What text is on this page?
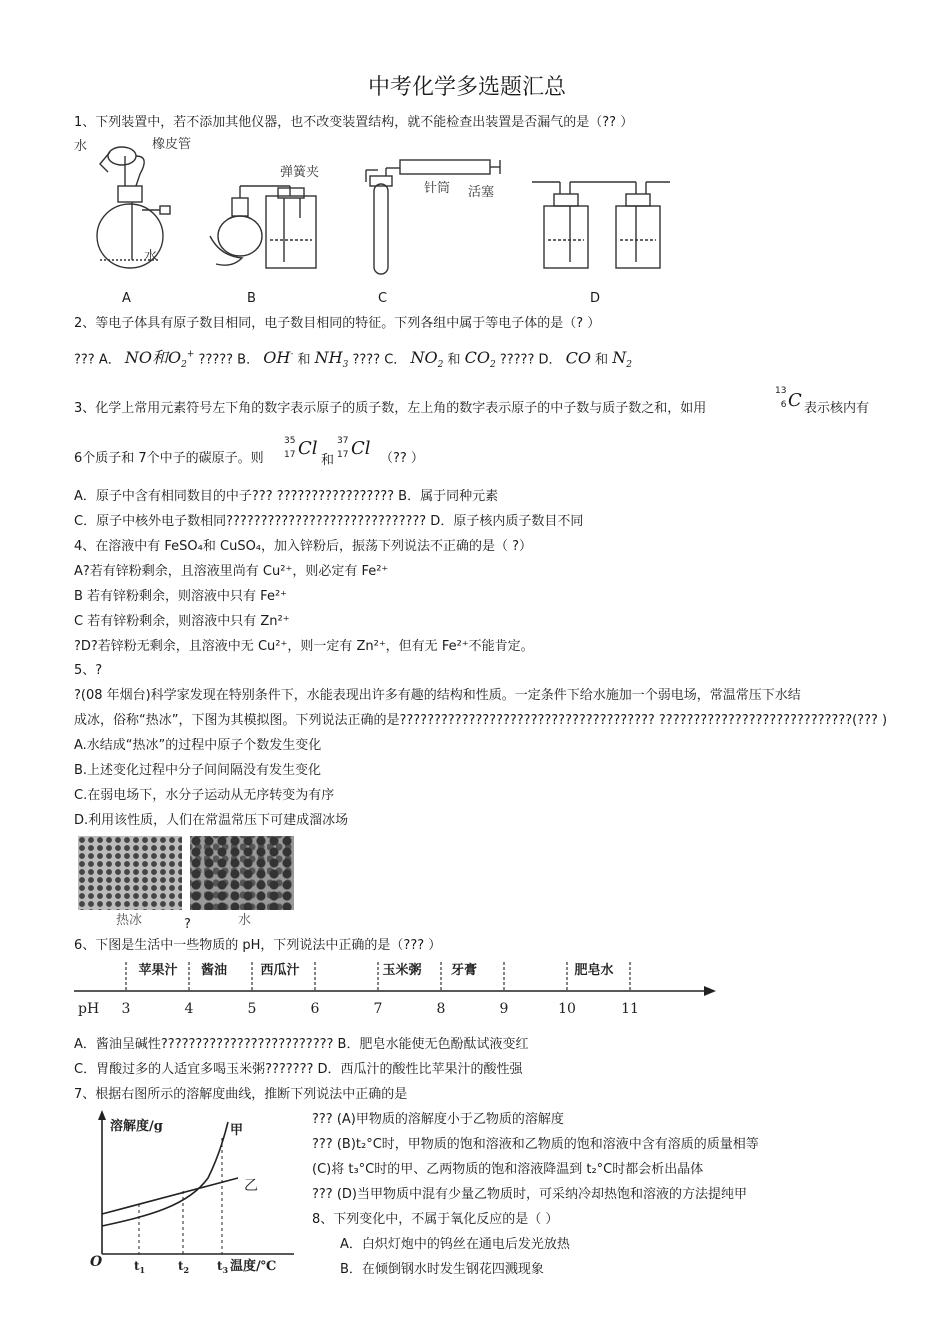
中考化学多选题汇总
1、下列装置中，若不添加其他仪器，也不改变装置结构，就不能检查出装置是否漏气的是（?? ）
水	橡皮管
水
弹簧夹
针筒 活塞
A	B	C	D
2、等电子体具有原子数目相同，电子数目相同的特征。下列各组中属于等电子体的是（? ）
??? A． NO和$O_2^+$ ????? B． OH- 和 $NH_3$ ???? C． $NO_2$ 和 $CO_2$ ????? D． CO 和 $N_2$
3、化学上常用元素符号左下角的数字表示原子的质子数，左上角的数字表示原子的中子数与质子数之和，如用
13
6 C 表示核内有
6个质子和 7个中子的碳原子。则
35
17 Cl
和
37
17 Cl （?? ）
A．原子中含有相同数目的中子??? ????????????????? B．属于同种元素
C．原子中核外电子数相同????????????????????????????? D．原子核内质子数目不同
4、在溶液中有 FeSO₄和 CuSO₄，加入锌粉后，振荡下列说法不正确的是（ ?）
A?若有锌粉剩余，且溶液里尚有 Cu²⁺，则必定有 Fe²⁺
B 若有锌粉剩余，则溶液中只有 Fe²⁺
C 若有锌粉剩余，则溶液中只有 Zn²⁺
?D?若锌粉无剩余，且溶液中无 Cu²⁺，则一定有 Zn²⁺，但有无 Fe²⁺不能肯定。
5、?
?(08 年烟台)科学家发现在特别条件下，水能表现出许多有趣的结构和性质。一定条件下给水施加一个弱电场，常温常压下水结
成冰，俗称“热冰”，下图为其模拟图。下列说法正确的是????????????????????????????????????? ????????????????????????????(??? )
A.水结成“热冰”的过程中原子个数发生变化
B.上述变化过程中分子间间隔没有发生变化
C.在弱电场下，水分子运动从无序转变为有序
D.利用该性质，人们在常温常压下可建成溜冰场
热冰	?	水
6、下图是生活中一些物质的 pH，下列说法中正确的是（??? ）
pH 3	4	5	6	7	8	9	10	11
苹果汁 酱油	西瓜汁	玉米粥 牙膏	肥皂水
A．酱油呈碱性????????????????????????? B．肥皂水能使无色酚酞试液变红
C．胃酸过多的人适宜多喝玉米粥??????? D．西瓜汁的酸性比苹果汁的酸性强
7、根据右图所示的溶解度曲线，推断下列说法中正确的是
溶解度/g
O	温度/℃
甲
乙
$t_1$	$t_2$ $t_3$
??? (A)甲物质的溶解度小于乙物质的溶解度
??? (B)t₂°C时，甲物质的饱和溶液和乙物质的饱和溶液中含有溶质的质量相等
(C)将 t₃°C时的甲、乙两物质的饱和溶液降温到 t₂°C时都会析出晶体
??? (D)当甲物质中混有少量乙物质时，可采纳冷却热饱和溶液的方法提纯甲
8、下列变化中，不属于氧化反应的是（ ）
A．白炽灯炮中的钨丝在通电后发光放热
B．在倾倒钢水时发生钢花四溅现象
